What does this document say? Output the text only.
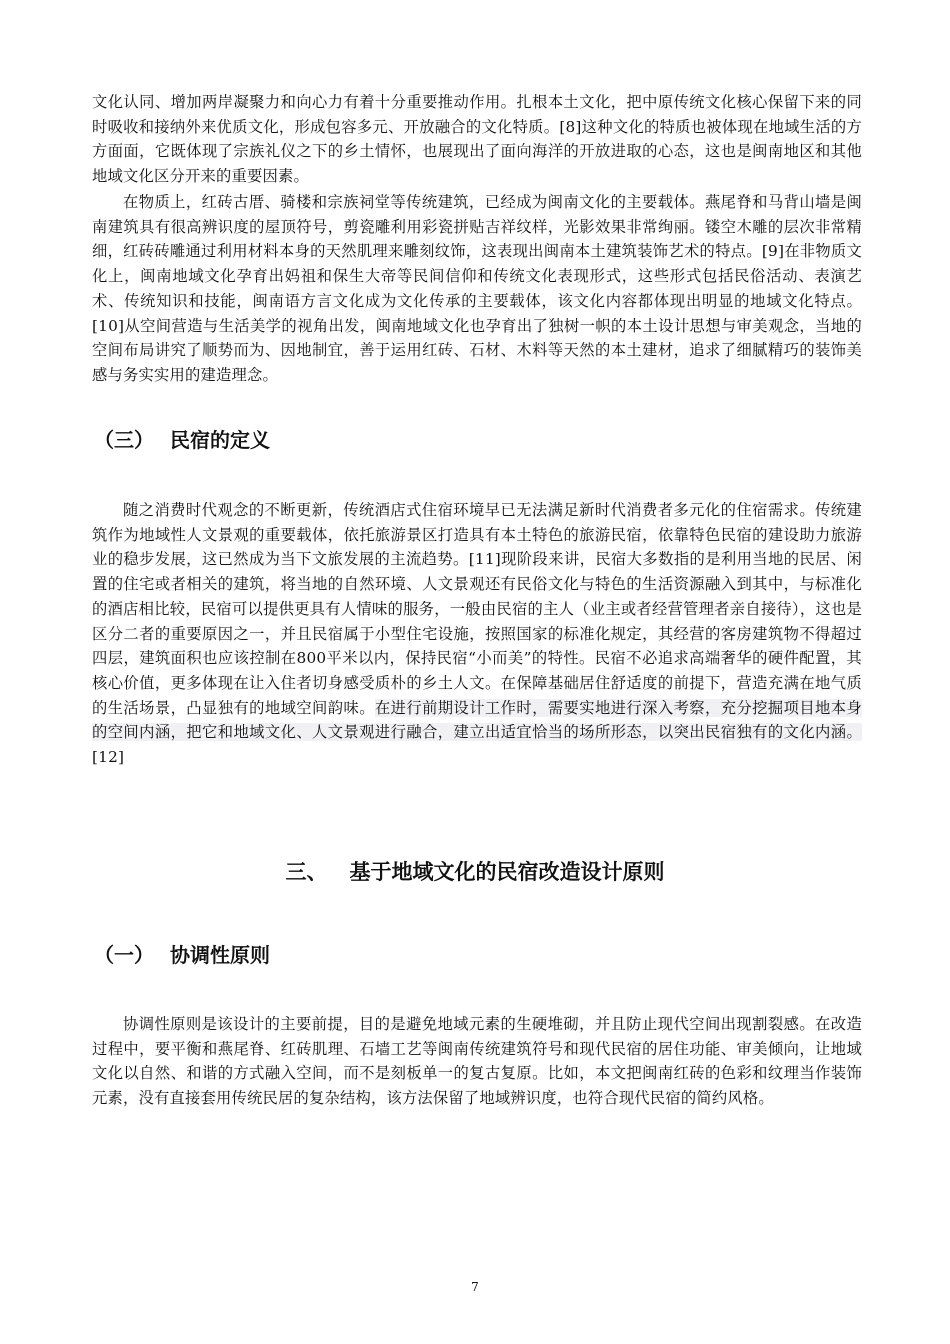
文化认同、增加两岸凝聚力和向心力有着十分重要推动作用。扎根本土文化，把中原传统文化核心保留下来的同时吸收和接纳外来优质文化，形成包容多元、开放融合的文化特质。[8]这种文化的特质也被体现在地域生活的方方面面，它既体现了宗族礼仪之下的乡土情怀，也展现出了面向海洋的开放进取的心态，这也是闽南地区和其他地域文化区分开来的重要因素。

在物质上，红砖古厝、骑楼和宗族祠堂等传统建筑，已经成为闽南文化的主要载体。燕尾脊和马背山墙是闽南建筑具有很高辨识度的屋顶符号，剪瓷雕利用彩瓷拼贴吉祥纹样，光影效果非常绚丽。镂空木雕的层次非常精细，红砖砖雕通过利用材料本身的天然肌理来雕刻纹饰，这表现出闽南本土建筑装饰艺术的特点。[9]在非物质文化上，闽南地域文化孕育出妈祖和保生大帝等民间信仰和传统文化表现形式，这些形式包括民俗活动、表演艺术、传统知识和技能，闽南语方言文化成为文化传承的主要载体，该文化内容都体现出明显的地域文化特点。[10]从空间营造与生活美学的视角出发，闽南地域文化也孕育出了独树一帜的本土设计思想与审美观念，当地的空间布局讲究了顺势而为、因地制宜，善于运用红砖、石材、木料等天然的本土建材，追求了细腻精巧的装饰美感与务实实用的建造理念。

（三） 民宿的定义

随之消费时代观念的不断更新，传统酒店式住宿环境早已无法满足新时代消费者多元化的住宿需求。传统建筑作为地域性人文景观的重要载体，依托旅游景区打造具有本土特色的旅游民宿，依靠特色民宿的建设助力旅游业的稳步发展，这已然成为当下文旅发展的主流趋势。[11]现阶段来讲，民宿大多数指的是利用当地的民居、闲置的住宅或者相关的建筑，将当地的自然环境、人文景观还有民俗文化与特色的生活资源融入到其中，与标准化的酒店相比较，民宿可以提供更具有人情味的服务，一般由民宿的主人（业主或者经营管理者亲自接待），这也是区分二者的重要原因之一，并且民宿属于小型住宅设施，按照国家的标准化规定，其经营的客房建筑物不得超过四层，建筑面积也应该控制在800平米以内，保持民宿“小而美”的特性。民宿不必追求高端奢华的硬件配置，其核心价值，更多体现在让入住者切身感受质朴的乡土人文。在保障基础居住舒适度的前提下，营造充满在地气质的生活场景，凸显独有的地域空间韵味。在进行前期设计工作时，需要实地进行深入考察，充分挖掘项目地本身的空间内涵，把它和地域文化、人文景观进行融合，建立出适宜恰当的场所形态，以突出民宿独有的文化内涵。[12]

三、 基于地域文化的民宿改造设计原则
（一） 协调性原则

协调性原则是该设计的主要前提，目的是避免地域元素的生硬堆砌，并且防止现代空间出现割裂感。在改造过程中，要平衡和燕尾脊、红砖肌理、石墙工艺等闽南传统建筑符号和现代民宿的居住功能、审美倾向，让地域文化以自然、和谐的方式融入空间，而不是刻板单一的复古复原。比如，本文把闽南红砖的色彩和纹理当作装饰元素，没有直接套用传统民居的复杂结构，该方法保留了地域辨识度，也符合现代民宿的简约风格。

7
